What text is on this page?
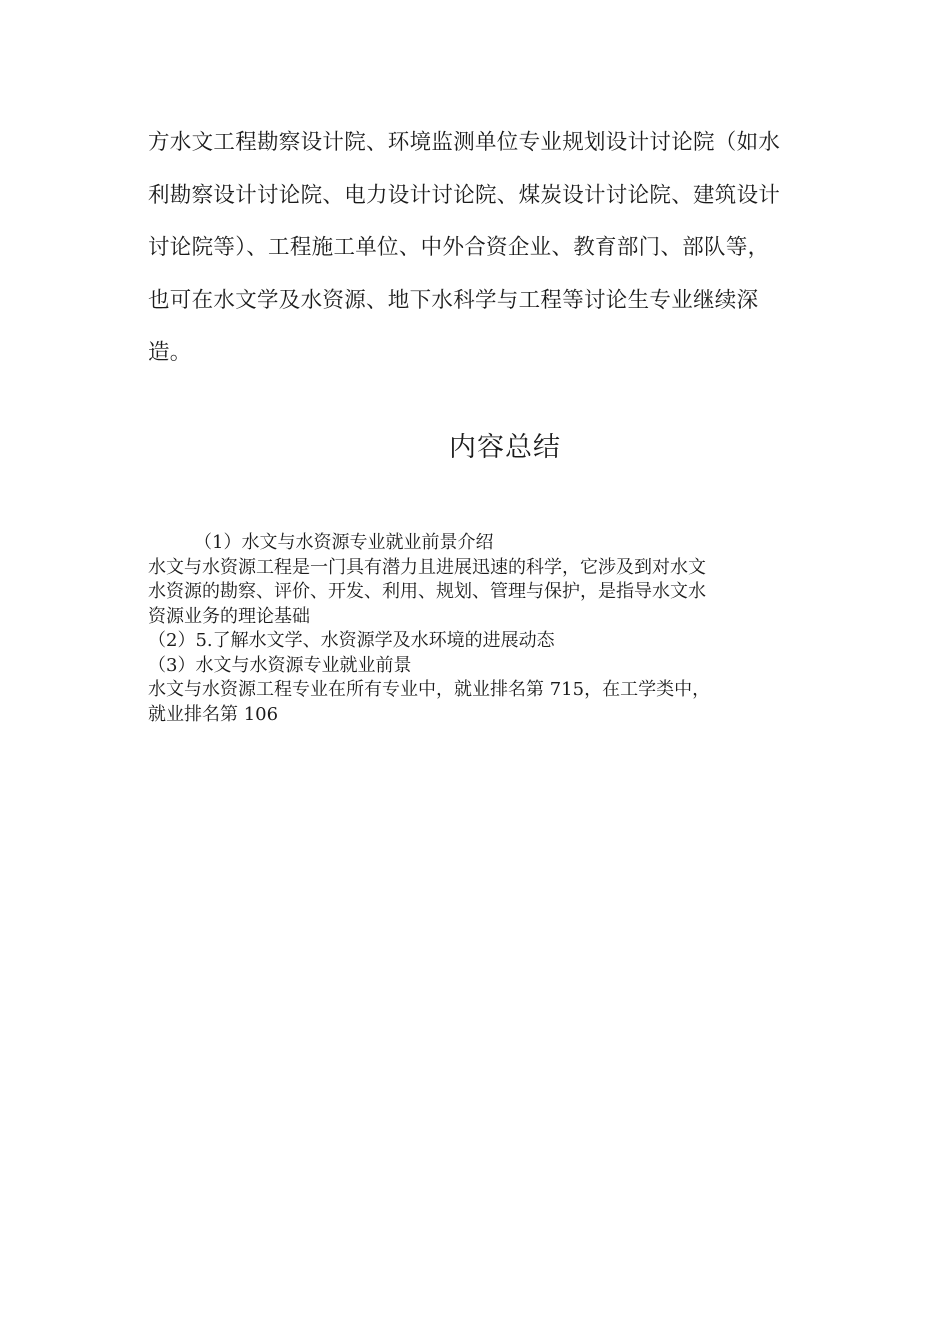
方水文工程勘察设计院、环境监测单位专业规划设计讨论院（如水
利勘察设计讨论院、电力设计讨论院、煤炭设计讨论院、建筑设计
讨论院等）、工程施工单位、中外合资企业、教育部门、部队等，
也可在水文学及水资源、地下水科学与工程等讨论生专业继续深
造。
内容总结
（1）水文与水资源专业就业前景介绍
水文与水资源工程是一门具有潜力且进展迅速的科学，它涉及到对水文
水资源的勘察、评价、开发、利用、规划、管理与保护，是指导水文水
资源业务的理论基础
（2）5.了解水文学、水资源学及水环境的进展动态
（3）水文与水资源专业就业前景
水文与水资源工程专业在所有专业中，就业排名第 715，在工学类中，
就业排名第 106
